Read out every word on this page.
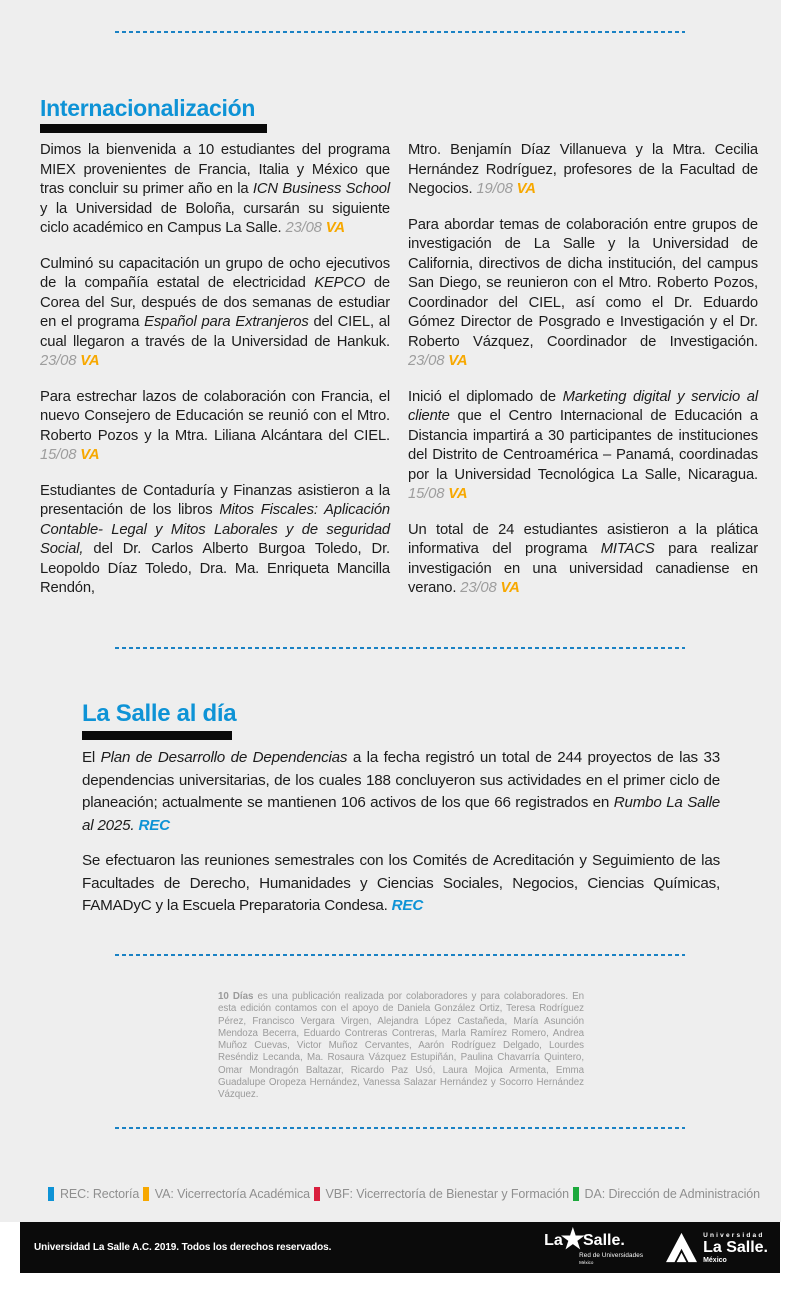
Internacionalización

Dimos la bienvenida a 10 estudiantes del programa MIEX provenientes de Francia, Italia y México que tras concluir su primer año en la ICN Business School y la Universidad de Boloña, cursarán su siguiente ciclo académico en Campus La Salle. 23/08 VA

Culminó su capacitación un grupo de ocho ejecutivos de la compañía estatal de electricidad KEPCO de Corea del Sur, después de dos semanas de estudiar en el programa Español para Extranjeros del CIEL, al cual llegaron a través de la Universidad de Hankuk. 23/08 VA

Para estrechar lazos de colaboración con Francia, el nuevo Consejero de Educación se reunió con el Mtro. Roberto Pozos y la Mtra. Liliana Alcántara del CIEL. 15/08 VA

Estudiantes de Contaduría y Finanzas asistieron a la presentación de los libros Mitos Fiscales: Aplicación Contable- Legal y Mitos Laborales y de seguridad Social, del Dr. Carlos Alberto Burgoa Toledo, Dr. Leopoldo Díaz Toledo, Dra. Ma. Enriqueta Mancilla Rendón,

Mtro. Benjamín Díaz Villanueva y la Mtra. Cecilia Hernández Rodríguez, profesores de la Facultad de Negocios. 19/08 VA

Para abordar temas de colaboración entre grupos de investigación de La Salle y la Universidad de California, directivos de dicha institución, del campus San Diego, se reunieron con el Mtro. Roberto Pozos, Coordinador del CIEL, así como el Dr. Eduardo Gómez Director de Posgrado e Investigación y el Dr. Roberto Vázquez, Coordinador de Investigación. 23/08 VA

Inició el diplomado de Marketing digital y servicio al cliente que el Centro Internacional de Educación a Distancia impartirá a 30 participantes de instituciones del Distrito de Centroamérica – Panamá, coordinadas por la Universidad Tecnológica La Salle, Nicaragua. 15/08 VA

Un total de 24 estudiantes asistieron a la plática informativa del programa MITACS para realizar investigación en una universidad canadiense en verano. 23/08 VA

La Salle al día

El Plan de Desarrollo de Dependencias a la fecha registró un total de 244 proyectos de las 33 dependencias universitarias, de los cuales 188 concluyeron sus actividades en el primer ciclo de planeación; actualmente se mantienen 106 activos de los que 66 registrados en Rumbo La Salle al 2025. REC

Se efectuaron las reuniones semestrales con los Comités de Acreditación y Seguimiento de las Facultades de Derecho, Humanidades y Ciencias Sociales, Negocios, Ciencias Químicas, FAMADyC y la Escuela Preparatoria Condesa. REC

10 Días es una publicación realizada por colaboradores y para colaboradores. En esta edición contamos con el apoyo de Daniela González Ortiz, Teresa Rodríguez Pérez, Francisco Vergara Virgen, Alejandra López Castañeda, María Asunción Mendoza Becerra, Eduardo Contreras Contreras, Marla Ramírez Romero, Andrea Muñoz Cuevas, Victor Muñoz Cervantes, Aarón Rodríguez Delgado, Lourdes Reséndiz Lecanda, Ma. Rosaura Vázquez Estupiñán, Paulina Chavarría Quintero, Omar Mondragón Baltazar, Ricardo Paz Usó, Laura Mojica Armenta, Emma Guadalupe Oropeza Hernández, Vanessa Salazar Hernández y Socorro Hernández Vázquez.

REC: Rectoría VA: Vicerrectoría Académica VBF: Vicerrectoría de Bienestar y Formación DA: Dirección de Administración
Universidad La Salle A.C. 2019. Todos los derechos reservados.	La
★
Salle.
Red de Universidades
México
Universidad
La Salle.
México
